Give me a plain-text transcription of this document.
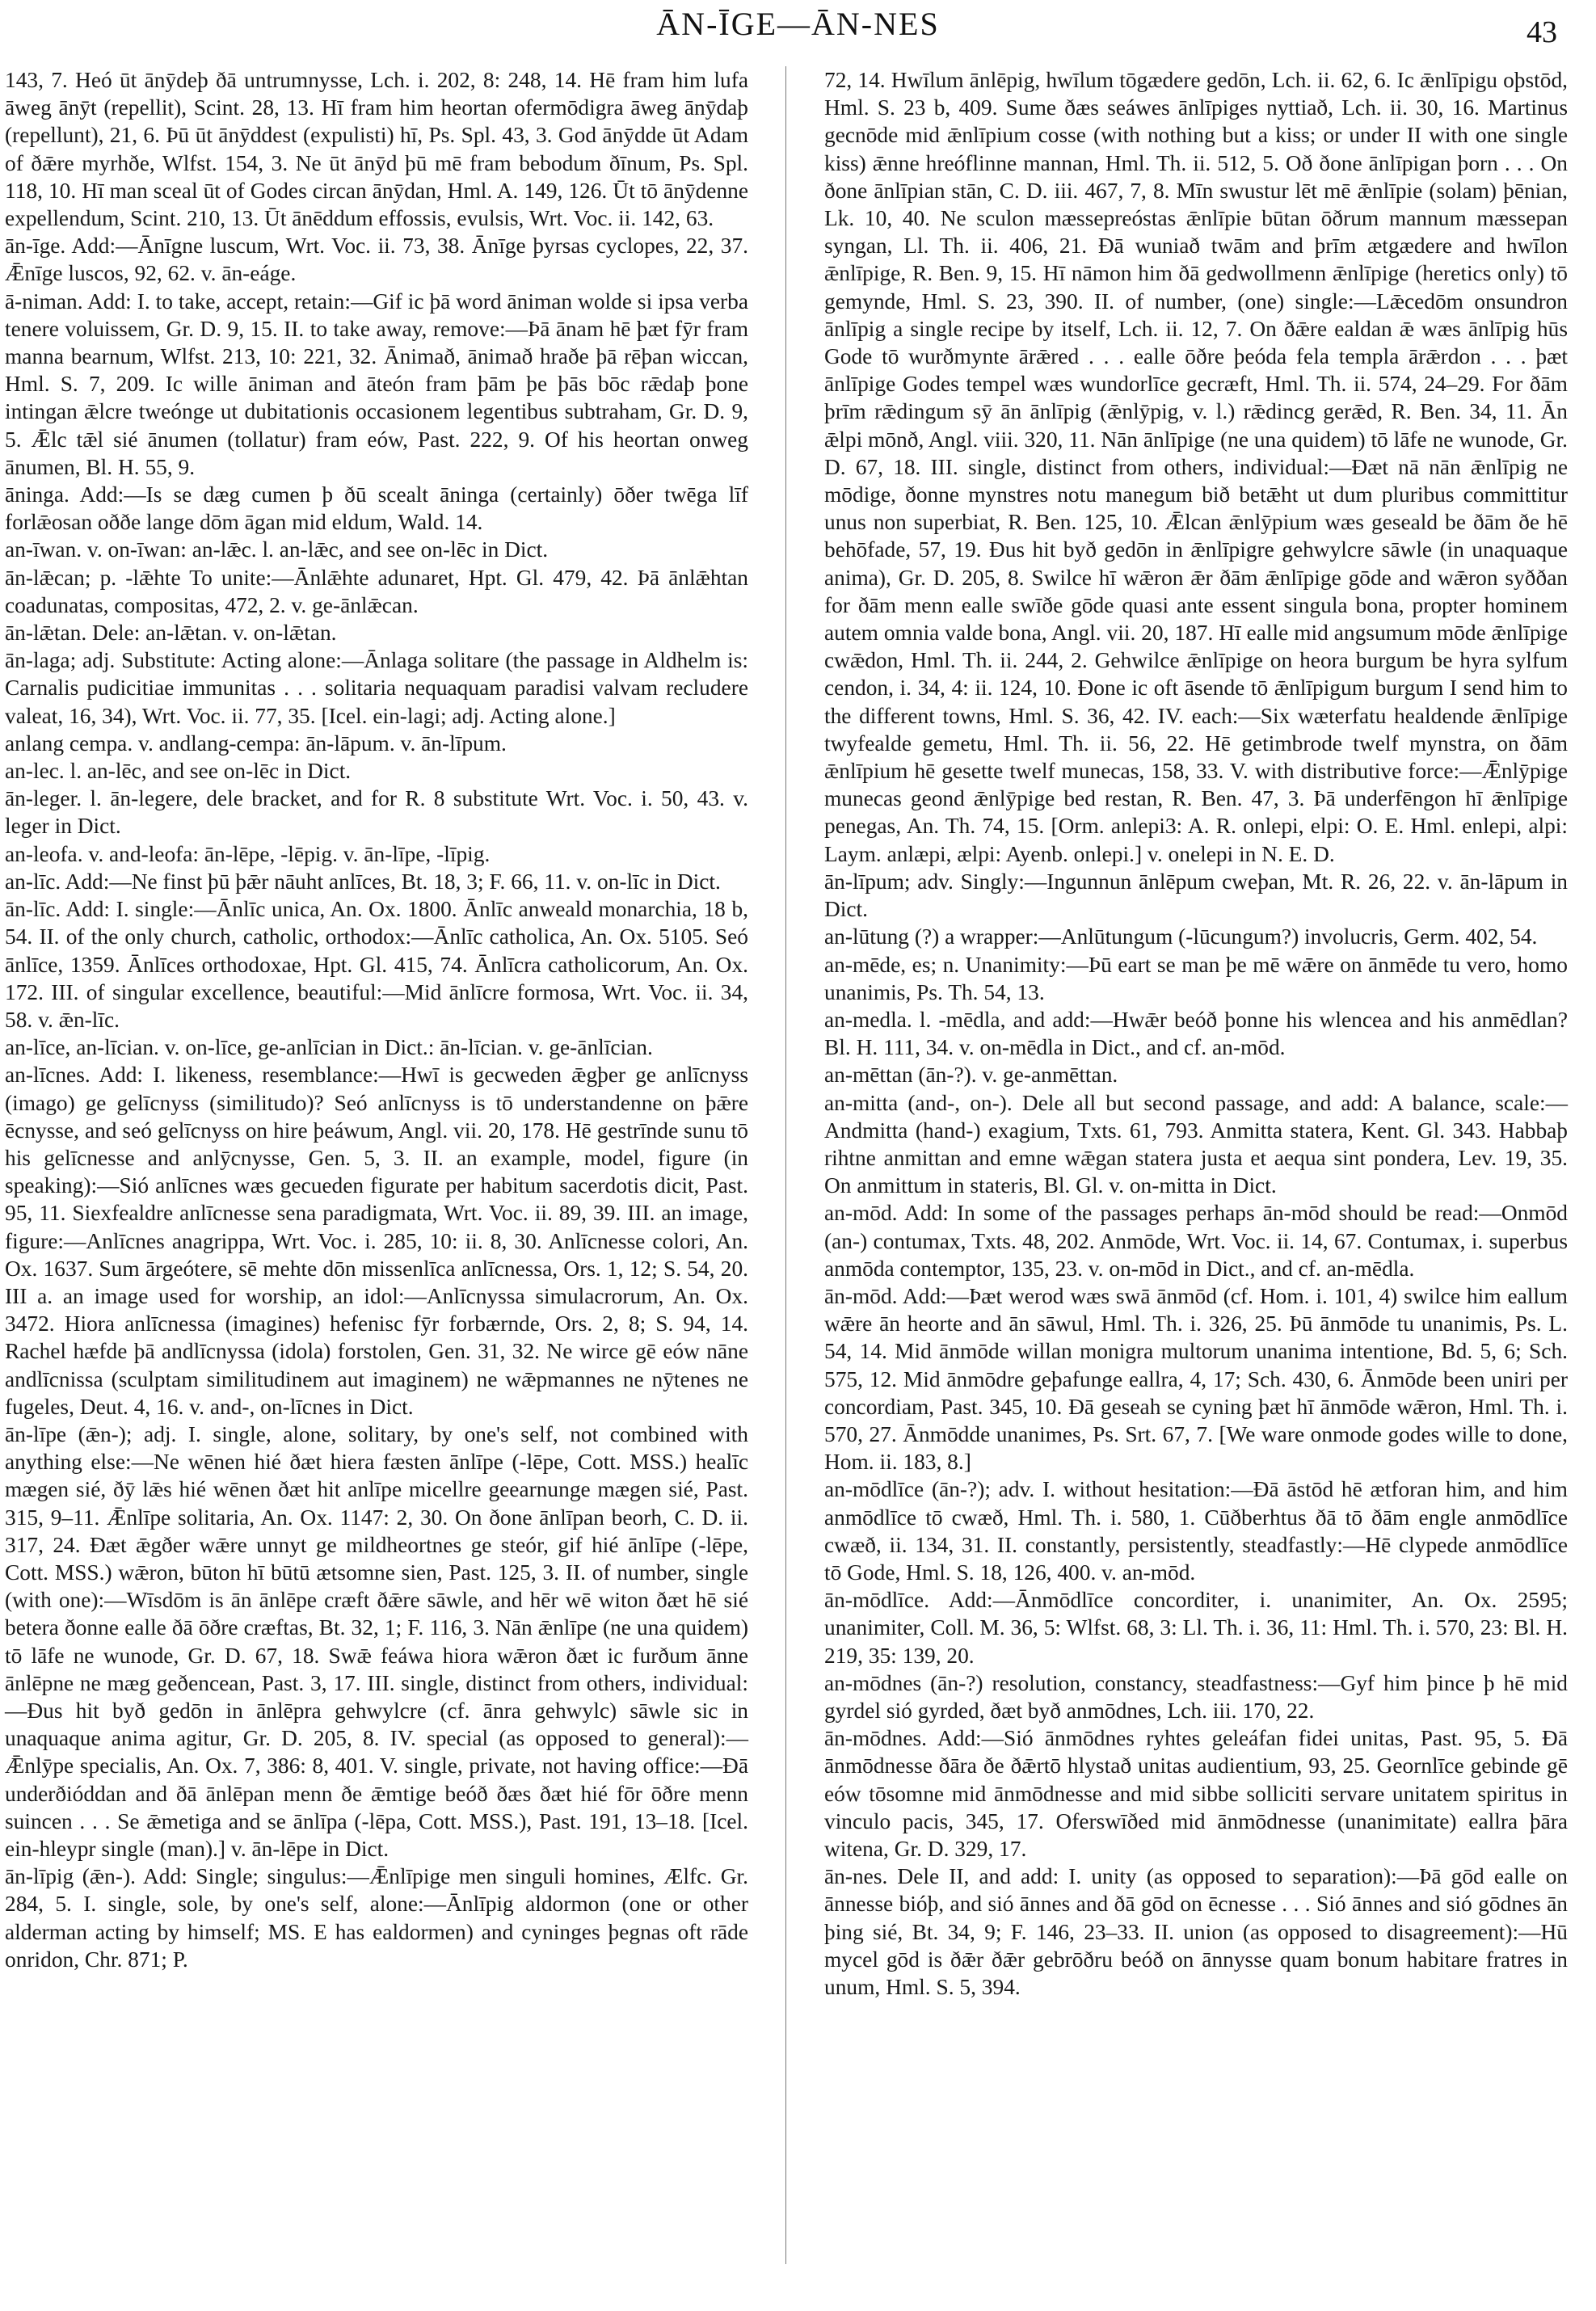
ĀN-ĪGE—ĀN-NES	43

143, 7. Heó ūt ānȳdeþ ðā untrumnysse, Lch. i. 202, 8: 248, 14. Hē fram him lufa āweg ānȳt (repellit), Scint. 28, 13. Hī fram him heortan ofermōdigra āweg ānȳdaþ (repellunt), 21, 6. Þū ūt ānȳddest (expulisti) hī, Ps. Spl. 43, 3. God ānȳdde ūt Adam of ðǣre myrhðe, Wlfst. 154, 3. Ne ūt ānȳd þū mē fram bebodum ðīnum, Ps. Spl. 118, 10. Hī man sceal ūt of Godes circan ānȳdan, Hml. A. 149, 126. Ūt tō ānȳdenne expellendum, Scint. 210, 13. Ūt ānēddum effossis, evulsis, Wrt. Voc. ii. 142, 63.

ān-īge. Add:—Ānīgne luscum, Wrt. Voc. ii. 73, 38. Ānīge þyrsas cyclopes, 22, 37. Ǣnīge luscos, 92, 62. v. ān-eáge.

ā-niman. Add: I. to take, accept, retain:—Gif ic þā word āniman wolde si ipsa verba tenere voluissem, Gr. D. 9, 15. II. to take away, remove:—Þā ānam hē þæt fȳr fram manna bearnum, Wlfst. 213, 10: 221, 32. Ānimað, ānimað hraðe þā rēþan wiccan, Hml. S. 7, 209. Ic wille āniman and āteón fram þām þe þās bōc rǣdaþ þone intingan ǣlcre tweónge ut dubitationis occasionem legentibus subtraham, Gr. D. 9, 5. Ǣlc tǣl sié ānumen (tollatur) fram eów, Past. 222, 9. Of his heortan onweg ānumen, Bl. H. 55, 9.

āninga. Add:—Is se dæg cumen þ ðū scealt āninga (certainly) ōðer twēga līf forlǣosan oððe lange dōm āgan mid eldum, Wald. 14.

an-īwan. v. on-īwan: an-lǣc. l. an-lǣc, and see on-lēc in Dict.

ān-lǣcan; p. -lǣhte To unite:—Ānlǣhte adunaret, Hpt. Gl. 479, 42. Þā ānlǣhtan coadunatas, compositas, 472, 2. v. ge-ānlǣcan.

ān-lǣtan. Dele: an-lǣtan. v. on-lǣtan.

ān-laga; adj. Substitute: Acting alone:—Ānlaga solitare (the passage in Aldhelm is: Carnalis pudicitiae immunitas . . . solitaria nequaquam paradisi valvam recludere valeat, 16, 34), Wrt. Voc. ii. 77, 35. [Icel. ein-lagi; adj. Acting alone.]

anlang cempa. v. andlang-cempa: ān-lāpum. v. ān-līpum.

an-lec. l. an-lēc, and see on-lēc in Dict.

ān-leger. l. ān-legere, dele bracket, and for R. 8 substitute Wrt. Voc. i. 50, 43. v. leger in Dict.

an-leofa. v. and-leofa: ān-lēpe, -lēpig. v. ān-līpe, -līpig.

an-līc. Add:—Ne finst þū þǣr nāuht anlīces, Bt. 18, 3; F. 66, 11. v. on-līc in Dict.

ān-līc. Add: I. single:—Ānlīc unica, An. Ox. 1800. Ānlīc anweald monarchia, 18 b, 54. II. of the only church, catholic, orthodox:—Ānlīc catholica, An. Ox. 5105. Seó ānlīce, 1359. Ānlīces orthodoxae, Hpt. Gl. 415, 74. Ānlīcra catholicorum, An. Ox. 172. III. of singular excellence, beautiful:—Mid ānlīcre formosa, Wrt. Voc. ii. 34, 58. v. ǣn-līc.

an-līce, an-līcian. v. on-līce, ge-anlīcian in Dict.: ān-līcian. v. ge-ānlīcian.

an-līcnes. Add: I. likeness, resemblance:—Hwī is gecweden ǣgþer ge anlīcnyss (imago) ge gelīcnyss (similitudo)? Seó anlīcnyss is tō understandenne on þǣre ēcnysse, and seó gelīcnyss on hire þeáwum, Angl. vii. 20, 178. Hē gestrīnde sunu tō his gelīcnesse and anlȳcnysse, Gen. 5, 3. II. an example, model, figure (in speaking):—Sió anlīcnes wæs gecueden figurate per habitum sacerdotis dicit, Past. 95, 11. Siexfealdre anlīcnesse sena paradigmata, Wrt. Voc. ii. 89, 39. III. an image, figure:—Anlīcnes anagrippa, Wrt. Voc. i. 285, 10: ii. 8, 30. Anlīcnesse colori, An. Ox. 1637. Sum ārgeótere, sē mehte dōn missenlīca anlīcnessa, Ors. 1, 12; S. 54, 20. III a. an image used for worship, an idol:—Anlīcnyssa simulacrorum, An. Ox. 3472. Hiora anlīcnessa (imagines) hefenisc fȳr forbærnde, Ors. 2, 8; S. 94, 14. Rachel hæfde þā andlīcnyssa (idola) forstolen, Gen. 31, 32. Ne wirce gē eów nāne andlīcnissa (sculptam similitudinem aut imaginem) ne wǣpmannes ne nȳtenes ne fugeles, Deut. 4, 16. v. and-, on-līcnes in Dict.

ān-līpe (ǣn-); adj. I. single, alone, solitary, by one's self, not combined with anything else:—Ne wēnen hié ðæt hiera fæsten ānlīpe (-lēpe, Cott. MSS.) healīc mægen sié, ðȳ lǣs hié wēnen ðæt hit anlīpe micellre geearnunge mægen sié, Past. 315, 9–11. Ǣnlīpe solitaria, An. Ox. 1147: 2, 30. On ðone ānlīpan beorh, C. D. ii. 317, 24. Ðæt ǣgðer wǣre unnyt ge mildheortnes ge steór, gif hié ānlīpe (-lēpe, Cott. MSS.) wǣron, būton hī būtū ætsomne sien, Past. 125, 3. II. of number, single (with one):—Wīsdōm is ān ānlēpe cræft ðǣre sāwle, and hēr wē witon ðæt hē sié betera ðonne ealle ðā ōðre cræftas, Bt. 32, 1; F. 116, 3. Nān ǣnlīpe (ne una quidem) tō lāfe ne wunode, Gr. D. 67, 18. Swǣ feáwa hiora wǣron ðæt ic furðum ānne ānlēpne ne mæg geðencean, Past. 3, 17. III. single, distinct from others, individual:—Ðus hit byð gedōn in ānlēpra gehwylcre (cf. ānra gehwylc) sāwle sic in unaquaque anima agitur, Gr. D. 205, 8. IV. special (as opposed to general):—Ǣnlȳpe specialis, An. Ox. 7, 386: 8, 401. V. single, private, not having office:—Ðā underðióddan and ðā ānlēpan menn ðe ǣmtige beóð ðæs ðæt hié fōr ōðre menn suincen . . . Se ǣmetiga and se ānlīpa (-lēpa, Cott. MSS.), Past. 191, 13–18. [Icel. ein-hleypr single (man).] v. ān-lēpe in Dict.

ān-līpig (ǣn-). Add: Single; singulus:—Ǣnlīpige men singuli homines, Ælfc. Gr. 284, 5. I. single, sole, by one's self, alone:—Ānlīpig aldormon (one or other alderman acting by himself; MS. E has ealdormen) and cyninges þegnas oft rāde onridon, Chr. 871; P.

72, 14. Hwīlum ānlēpig, hwīlum tōgædere gedōn, Lch. ii. 62, 6. Ic ǣnlīpigu oþstōd, Hml. S. 23 b, 409. Sume ðæs seáwes ānlīpiges nyttiað, Lch. ii. 30, 16. Martinus gecnōde mid ǣnlīpium cosse (with nothing but a kiss; or under II with one single kiss) ǣnne hreóflinne mannan, Hml. Th. ii. 512, 5. Oð ðone ānlīpigan þorn . . . On ðone ānlīpian stān, C. D. iii. 467, 7, 8. Mīn swustur lēt mē ǣnlīpie (solam) þēnian, Lk. 10, 40. Ne sculon mæssepreóstas ǣnlīpie būtan ōðrum mannum mæssepan syngan, Ll. Th. ii. 406, 21. Ðā wuniað twām and þrīm ætgædere and hwīlon ǣnlīpige, R. Ben. 9, 15. Hī nāmon him ðā gedwollmenn ǣnlīpige (heretics only) tō gemynde, Hml. S. 23, 390. II. of number, (one) single:—Lǣcedōm onsundron ānlīpig a single recipe by itself, Lch. ii. 12, 7. On ðǣre ealdan ǣ wæs ānlīpig hūs Gode tō wurðmynte ārǣred . . . ealle ōðre þeóda fela templa ārǣrdon . . . þæt ānlīpige Godes tempel wæs wundorlīce gecræft, Hml. Th. ii. 574, 24–29. For ðām þrīm rǣdingum sȳ ān ānlīpig (ǣnlȳpig, v. l.) rǣdincg gerǣd, R. Ben. 34, 11. Ān ǣlpi mōnð, Angl. viii. 320, 11. Nān ānlīpige (ne una quidem) tō lāfe ne wunode, Gr. D. 67, 18. III. single, distinct from others, individual:—Ðæt nā nān ǣnlīpig ne mōdige, ðonne mynstres notu manegum bið betǣht ut dum pluribus committitur unus non superbiat, R. Ben. 125, 10. Ǣlcan ǣnlȳpium wæs geseald be ðām ðe hē behōfade, 57, 19. Ðus hit byð gedōn in ǣnlīpigre gehwylcre sāwle (in unaquaque anima), Gr. D. 205, 8. Swilce hī wǣron ǣr ðām ǣnlīpige gōde and wǣron syððan for ðām menn ealle swīðe gōde quasi ante essent singula bona, propter hominem autem omnia valde bona, Angl. vii. 20, 187. Hī ealle mid angsumum mōde ǣnlīpige cwǣdon, Hml. Th. ii. 244, 2. Gehwilce ǣnlīpige on heora burgum be hyra sylfum cendon, i. 34, 4: ii. 124, 10. Ðone ic oft āsende tō ǣnlīpigum burgum I send him to the different towns, Hml. S. 36, 42. IV. each:—Six wæterfatu healdende ǣnlīpige twyfealde gemetu, Hml. Th. ii. 56, 22. Hē getimbrode twelf mynstra, on ðām ǣnlīpium hē gesette twelf munecas, 158, 33. V. with distributive force:—Ǣnlȳpige munecas geond ǣnlȳpige bed restan, R. Ben. 47, 3. Þā underfēngon hī ǣnlīpige penegas, An. Th. 74, 15. [Orm. anlepi3: A. R. onlepi, elpi: O. E. Hml. enlepi, alpi: Laym. anlæpi, ælpi: Ayenb. onlepi.] v. onelepi in N. E. D.

ān-līpum; adv. Singly:—Ingunnun ānlēpum cweþan, Mt. R. 26, 22. v. ān-lāpum in Dict.

an-lūtung (?) a wrapper:—Anlūtungum (-lūcungum?) involucris, Germ. 402, 54.

an-mēde, es; n. Unanimity:—Þū eart se man þe mē wǣre on ānmēde tu vero, homo unanimis, Ps. Th. 54, 13.

an-medla. l. -mēdla, and add:—Hwǣr beóð þonne his wlencea and his anmēdlan? Bl. H. 111, 34. v. on-mēdla in Dict., and cf. an-mōd.

an-mēttan (ān-?). v. ge-anmēttan.

an-mitta (and-, on-). Dele all but second passage, and add: A balance, scale:—Andmitta (hand-) exagium, Txts. 61, 793. Anmitta statera, Kent. Gl. 343. Habbaþ rihtne anmittan and emne wǣgan statera justa et aequa sint pondera, Lev. 19, 35. On anmittum in stateris, Bl. Gl. v. on-mitta in Dict.

an-mōd. Add: In some of the passages perhaps ān-mōd should be read:—Onmōd (an-) contumax, Txts. 48, 202. Anmōde, Wrt. Voc. ii. 14, 67. Contumax, i. superbus anmōda contemptor, 135, 23. v. on-mōd in Dict., and cf. an-mēdla.

ān-mōd. Add:—Þæt werod wæs swā ānmōd (cf. Hom. i. 101, 4) swilce him eallum wǣre ān heorte and ān sāwul, Hml. Th. i. 326, 25. Þū ānmōde tu unanimis, Ps. L. 54, 14. Mid ānmōde willan monigra multorum unanima intentione, Bd. 5, 6; Sch. 575, 12. Mid ānmōdre geþafunge eallra, 4, 17; Sch. 430, 6. Ānmōde been uniri per concordiam, Past. 345, 10. Ðā geseah se cyning þæt hī ānmōde wǣron, Hml. Th. i. 570, 27. Ānmōdde unanimes, Ps. Srt. 67, 7. [We ware onmode godes wille to done, Hom. ii. 183, 8.]

an-mōdlīce (ān-?); adv. I. without hesitation:—Ðā āstōd hē ætforan him, and him anmōdlīce tō cwæð, Hml. Th. i. 580, 1. Cūðberhtus ðā tō ðām engle anmōdlīce cwæð, ii. 134, 31. II. constantly, persistently, steadfastly:—Hē clypede anmōdlīce tō Gode, Hml. S. 18, 126, 400. v. an-mōd.

ān-mōdlīce. Add:—Ānmōdlīce concorditer, i. unanimiter, An. Ox. 2595; unanimiter, Coll. M. 36, 5: Wlfst. 68, 3: Ll. Th. i. 36, 11: Hml. Th. i. 570, 23: Bl. H. 219, 35: 139, 20.

an-mōdnes (ān-?) resolution, constancy, steadfastness:—Gyf him þince þ hē mid gyrdel sió gyrded, ðæt byð anmōdnes, Lch. iii. 170, 22.

ān-mōdnes. Add:—Sió ānmōdnes ryhtes geleáfan fidei unitas, Past. 95, 5. Ðā ānmōdnesse ðāra ðe ðǣrtō hlystað unitas audientium, 93, 25. Geornlīce gebinde gē eów tōsomne mid ānmōdnesse and mid sibbe solliciti servare unitatem spiritus in vinculo pacis, 345, 17. Oferswīðed mid ānmōdnesse (unanimitate) eallra þāra witena, Gr. D. 329, 17.

ān-nes. Dele II, and add: I. unity (as opposed to separation):—Þā gōd ealle on ānnesse bióþ, and sió ānnes and ðā gōd on ēcnesse . . . Sió ānnes and sió gōdnes ān þing sié, Bt. 34, 9; F. 146, 23–33. II. union (as opposed to disagreement):—Hū mycel gōd is ðǣr ðǣr gebrōðru beóð on ānnysse quam bonum habitare fratres in unum, Hml. S. 5, 394.
